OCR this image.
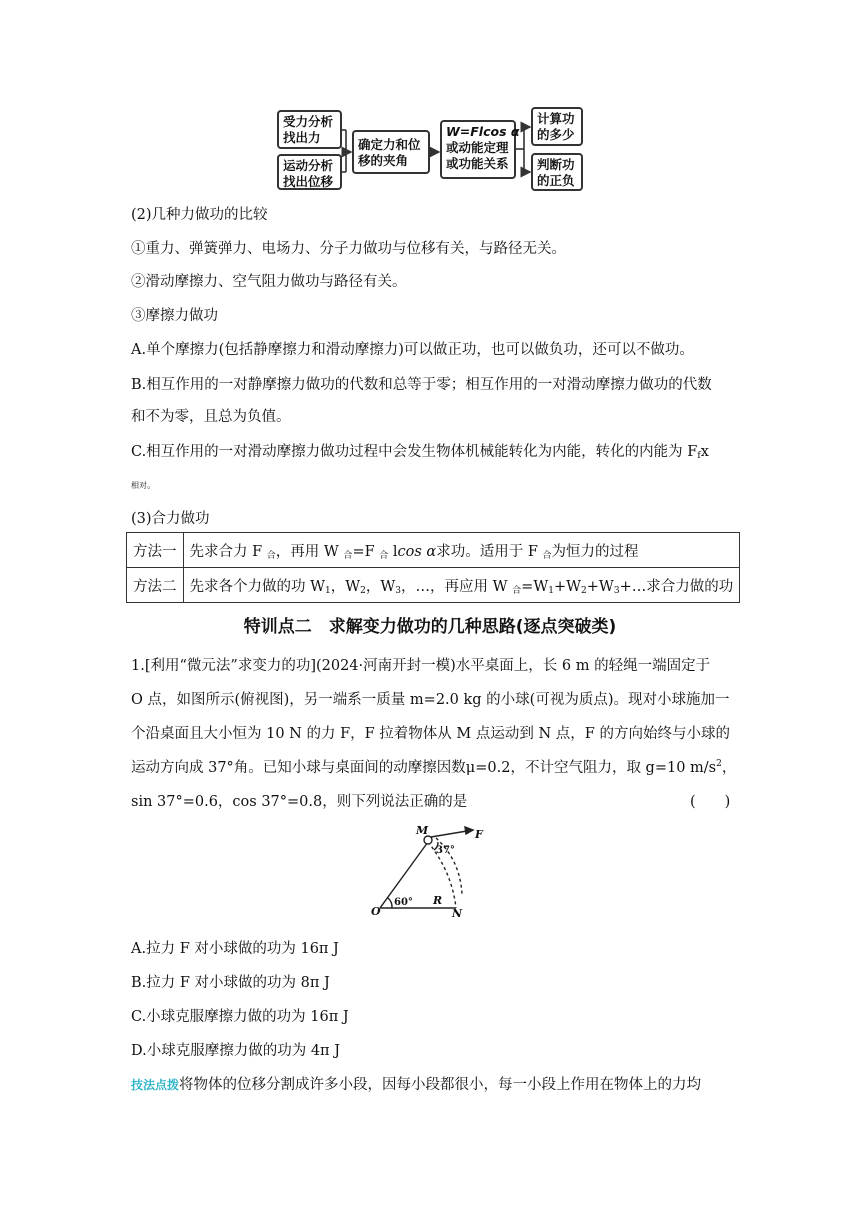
受力分析
找出力
运动分析
找出位移
确定力和位
移的夹角
W=Flcos α
或动能定理
或功能关系
计算功
的多少
判断功
的正负
(2)几种力做功的比较
①重力、弹簧弹力、电场力、分子力做功与位移有关，与路径无关。
②滑动摩擦力、空气阻力做功与路径有关。
③摩擦力做功
A.单个摩擦力(包括静摩擦力和滑动摩擦力)可以做正功，也可以做负功，还可以不做功。
B.相互作用的一对静摩擦力做功的代数和总等于零；相互作用的一对滑动摩擦力做功的代数
和不为零，且总为负值。
C.相互作用的一对滑动摩擦力做功过程中会发生物体机械能转化为内能，转化的内能为 $F_fx$
相对。
(3)合力做功
方法一	先求合力 F $_合$，再用 W $_合$=F $_合$ lcos α求功。适用于 F $_合$为恒力的过程
方法二	先求各个力做的功 $W_1$，$W_2$，$W_3$，…，再应用 W $_合=W_1+W_2+W_3+\dots$求合力做的功
特训点二　求解变力做功的几种思路(逐点突破类)
1.[利用“微元法”求变力的功](2024·河南开封一模)水平桌面上，长 6 m 的轻绳一端固定于
O 点，如图所示(俯视图)，另一端系一质量 m=2.0 kg 的小球(可视为质点)。现对小球施加一
个沿桌面且大小恒为 10 N 的力 F，F 拉着物体从 M 点运动到 N 点，F 的方向始终与小球的
运动方向成 37°角。已知小球与桌面间的动摩擦因数μ=0.2，不计空气阻力，取 g=10 $m/s^2$，
sin 37°=0.6，cos 37°=0.8，则下列说法正确的是	(　　)
M	F
O
R
N
37°
60°
A.拉力 F 对小球做的功为 16π J
B.拉力 F 对小球做的功为 8π J
C.小球克服摩擦力做的功为 16π J
D.小球克服摩擦力做的功为 4π J
技法点拨将物体的位移分割成许多小段，因每小段都很小，每一小段上作用在物体上的力均
